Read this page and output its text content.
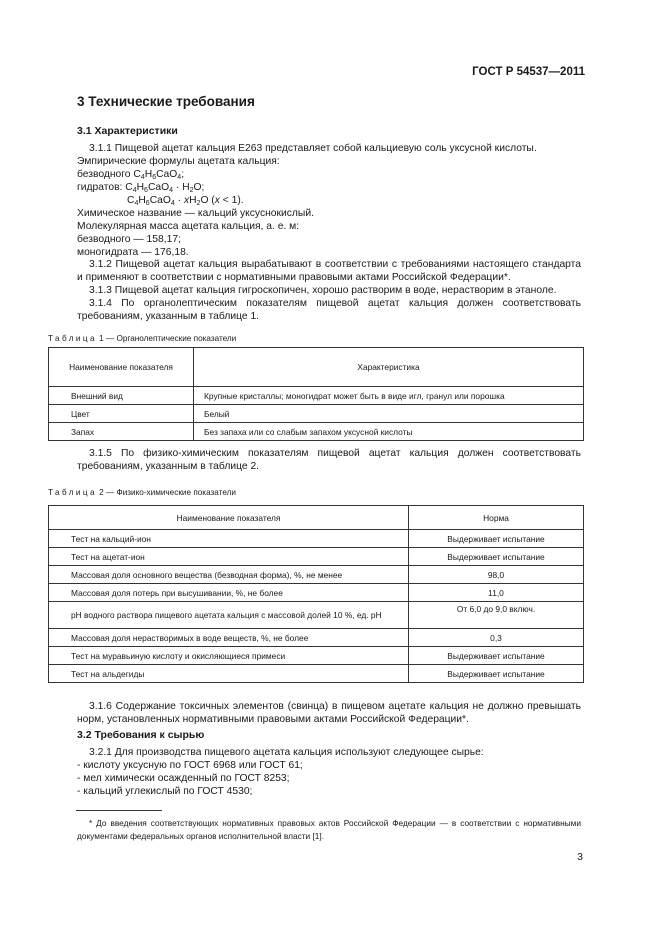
ГОСТ Р 54537—2011
3 Технические требования
3.1 Характеристики
3.1.1 Пищевой ацетат кальция Е263 представляет собой кальциевую соль уксусной кислоты.
Эмпирические формулы ацетата кальция:
безводного $C_4H_6CaO_4$;
гидратов: $C_4H_6CaO_4 \cdot H_2O$;
$C_4H_6CaO_4 \cdot xH_2O$ (x < 1).
Химическое название — кальций уксуснокислый.
Молекулярная масса ацетата кальция, а. е. м:
безводного — 158,17;
моногидрата — 176,18.
3.1.2 Пищевой ацетат кальция вырабатывают в соответствии с требованиями настоящего стандарта и применяют в соответствии с нормативными правовыми актами Российской Федерации*.
3.1.3 Пищевой ацетат кальция гигроскопичен, хорошо растворим в воде, нерастворим в этаноле.
3.1.4 По органолептическим показателям пищевой ацетат кальция должен соответствовать требованиям, указанным в таблице 1.
Таблица 1 — Органолептические показатели
Наименование показателя	Характеристика
Внешний вид	Крупные кристаллы; моногидрат может быть в виде игл, гранул или порошка
Цвет	Белый
Запах	Без запаха или со слабым запахом уксусной кислоты
3.1.5 По физико-химическим показателям пищевой ацетат кальция должен соответствовать требованиям, указанным в таблице 2.
Таблица 2 — Физико-химические показатели
Наименование показателя	Норма
Тест на кальций-ион	Выдерживает испытание
Тест на ацетат-ион	Выдерживает испытание
Массовая доля основного вещества (безводная форма), %, не менее	98,0
Массовая доля потерь при высушивании, %, не более	11,0
рН водного раствора пищевого ацетата кальция с массовой долей 10 %, ед. рН	От 6,0 до 9,0 включ.
Массовая доля нерастворимых в воде веществ, %, не более	0,3
Тест на муравьиную кислоту и окисляющиеся примеси	Выдерживает испытание
Тест на альдегиды	Выдерживает испытание
3.1.6 Содержание токсичных элементов (свинца) в пищевом ацетате кальция не должно превышать норм, установленных нормативными правовыми актами Российской Федерации*.
3.2 Требования к сырью
3.2.1 Для производства пищевого ацетата кальция используют следующее сырье:
- кислоту уксусную по ГОСТ 6968 или ГОСТ 61;
- мел химически осажденный по ГОСТ 8253;
- кальций углекислый по ГОСТ 4530;
* До введения соответствующих нормативных правовых актов Российской Федерации — в соответствии с нормативными документами федеральных органов исполнительной власти [1].
3
